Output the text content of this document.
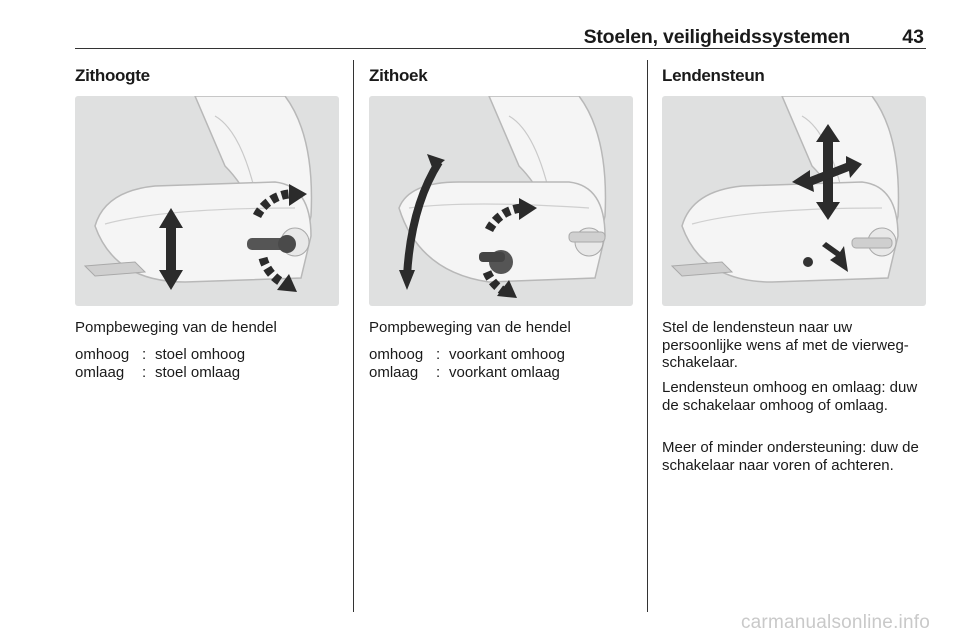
Stoelen, veiligheidssystemen	43
Zithoogte
Pompbeweging van de hendel
omhoog : stoel omhoog
omlaag : stoel omlaag
Zithoek
Pompbeweging van de hendel
omhoog : voorkant omhoog
omlaag : voorkant omlaag
Lendensteun
Stel de lendensteun naar uw persoonlijke wens af met de vierweg-schakelaar.
Lendensteun omhoog en omlaag: duw de schakelaar omhoog of omlaag.
Meer of minder ondersteuning: duw de schakelaar naar voren of achteren.
carmanualsonline.info
